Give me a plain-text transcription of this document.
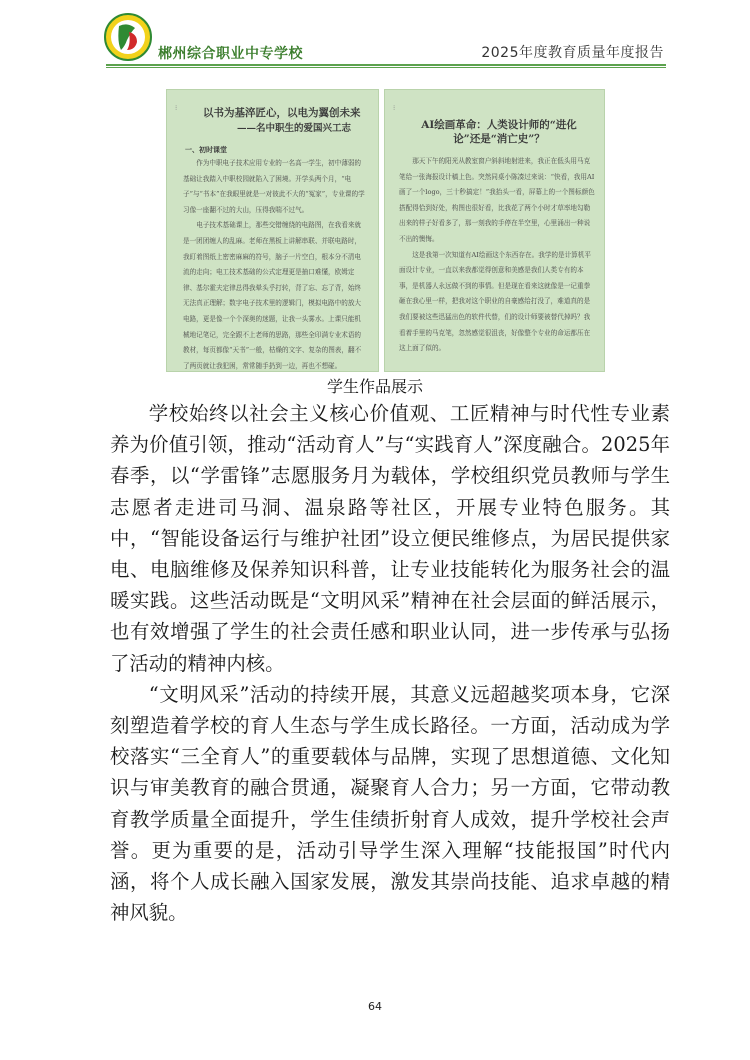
郴州综合职业中专学校	2025年度教育质量年度报告
⁝ 以书为基淬匠心，以电为翼创未来
——名中职生的爱国兴工志
一、初时课堂

作为中职电子技术应用专业的一名高一学生，初中薄弱的基础让我踏入中职校园就陷入了困境。开学头两个月，“电子”与“书本”在我眼里就是一对彼此不大的“冤家”，专业课的学习像一座翻不过的大山，压得我喘不过气。

电子技术基础课上，那些交错缠绕的电路图，在我看来就是一团团缠人的乱麻。老师在黑板上讲解串联、并联电路时，我盯着图纸上密密麻麻的符号，脑子一片空白，根本分不清电流的走向；电工技术基础的公式定理更是抽口难懂，欧姆定律、基尔霍夫定律总得我晕头乎打转，背了忘、忘了背，始终无法真正理解；数字电子技术里的逻辑门，模拟电路中的放大电路，更是像一个个深奥的迷题，让我一头雾水。上课只能机械地记笔记，完全跟不上老师的思路，那些全印满专业术语的教材，每页都像“天书”一般，枯燥的文字、复杂的图表，翻不了两页就让我犯困，常常随手扔到一边，再也不想碰。

⁝
AI绘画革命：人类设计师的“进化论”还是“消亡史”？

那天下午的阳光从教室窗户斜斜地射进来，我正在低头用马克笔给一张海报设计稿上色。突然同桌小陈凑过来说：“快看，我用AI画了一个logo，三十秒搞定！”我抬头一看，屏幕上的一个图标颜色搭配得恰到好处，构图也很好看，比我花了两个小时才草率地勾勒出来的样子好看多了，那一刻我的手停在半空里，心里涌出一种说不出的懊悔。

这是我第一次知道有AI绘画这个东西存在。我学的是计算机平面设计专业，一直以来我都觉得创意和美感是我们人类专有的本事，是机器人永远做不到的事情。但是现在看来这就像是一记重拳砸在我心里一样，把我对这个职业的自豪感给打没了，难道真的是我们要被这些迅猛出色的软件代替，们的设计师要被替代掉吗？我看着手里的马克笔，忽然感觉很沮丧，好像整个专业的命运都压在这上面了似的。

学生作品展示

学校始终以社会主义核心价值观、工匠精神与时代性专业素养为价值引领，推动“活动育人”与“实践育人”深度融合。2025年春季，以“学雷锋”志愿服务月为载体，学校组织党员教师与学生志愿者走进司马洞、温泉路等社区，开展专业特色服务。其中，“智能设备运行与维护社团”设立便民维修点，为居民提供家电、电脑维修及保养知识科普，让专业技能转化为服务社会的温暖实践。这些活动既是“文明风采”精神在社会层面的鲜活展示，也有效增强了学生的社会责任感和职业认同，进一步传承与弘扬了活动的精神内核。

“文明风采”活动的持续开展，其意义远超越奖项本身，它深刻塑造着学校的育人生态与学生成长路径。一方面，活动成为学校落实“三全育人”的重要载体与品牌，实现了思想道德、文化知识与审美教育的融合贯通，凝聚育人合力；另一方面，它带动教育教学质量全面提升，学生佳绩折射育人成效，提升学校社会声誉。更为重要的是，活动引导学生深入理解“技能报国”时代内涵，将个人成长融入国家发展，激发其崇尚技能、追求卓越的精神风貌。

64
